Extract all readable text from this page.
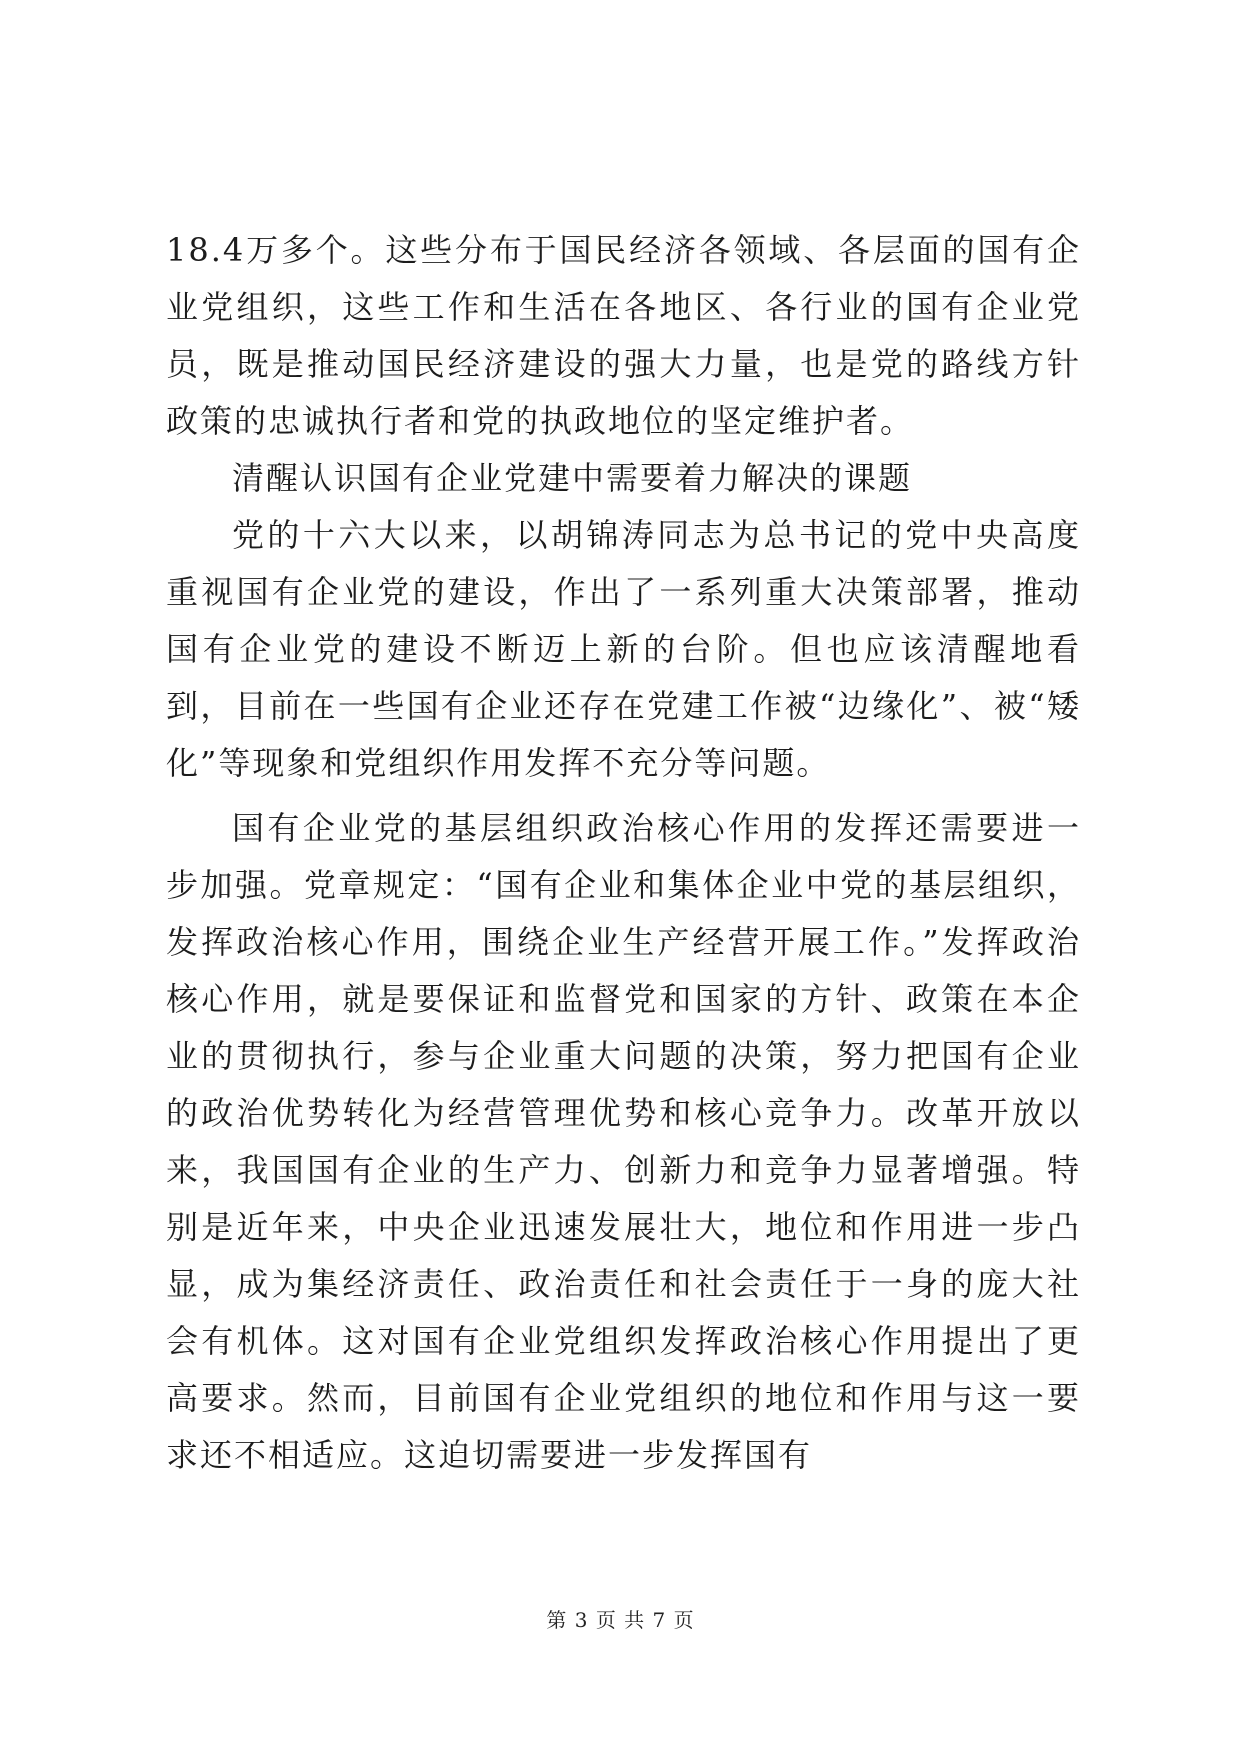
18.4万多个。这些分布于国民经济各领域、各层面的国有企业党组织，这些工作和生活在各地区、各行业的国有企业党员，既是推动国民经济建设的强大力量，也是党的路线方针政策的忠诚执行者和党的执政地位的坚定维护者。

清醒认识国有企业党建中需要着力解决的课题

党的十六大以来，以胡锦涛同志为总书记的党中央高度重视国有企业党的建设，作出了一系列重大决策部署，推动国有企业党的建设不断迈上新的台阶。但也应该清醒地看到，目前在一些国有企业还存在党建工作被“边缘化”、被“矮化”等现象和党组织作用发挥不充分等问题。

国有企业党的基层组织政治核心作用的发挥还需要进一步加强。党章规定：“国有企业和集体企业中党的基层组织，发挥政治核心作用，围绕企业生产经营开展工作。”发挥政治核心作用，就是要保证和监督党和国家的方针、政策在本企业的贯彻执行，参与企业重大问题的决策，努力把国有企业的政治优势转化为经营管理优势和核心竞争力。改革开放以来，我国国有企业的生产力、创新力和竞争力显著增强。特别是近年来，中央企业迅速发展壮大，地位和作用进一步凸显，成为集经济责任、政治责任和社会责任于一身的庞大社会有机体。这对国有企业党组织发挥政治核心作用提出了更高要求。然而，目前国有企业党组织的地位和作用与这一要求还不相适应。这迫切需要进一步发挥国有

第 3 页 共 7 页
